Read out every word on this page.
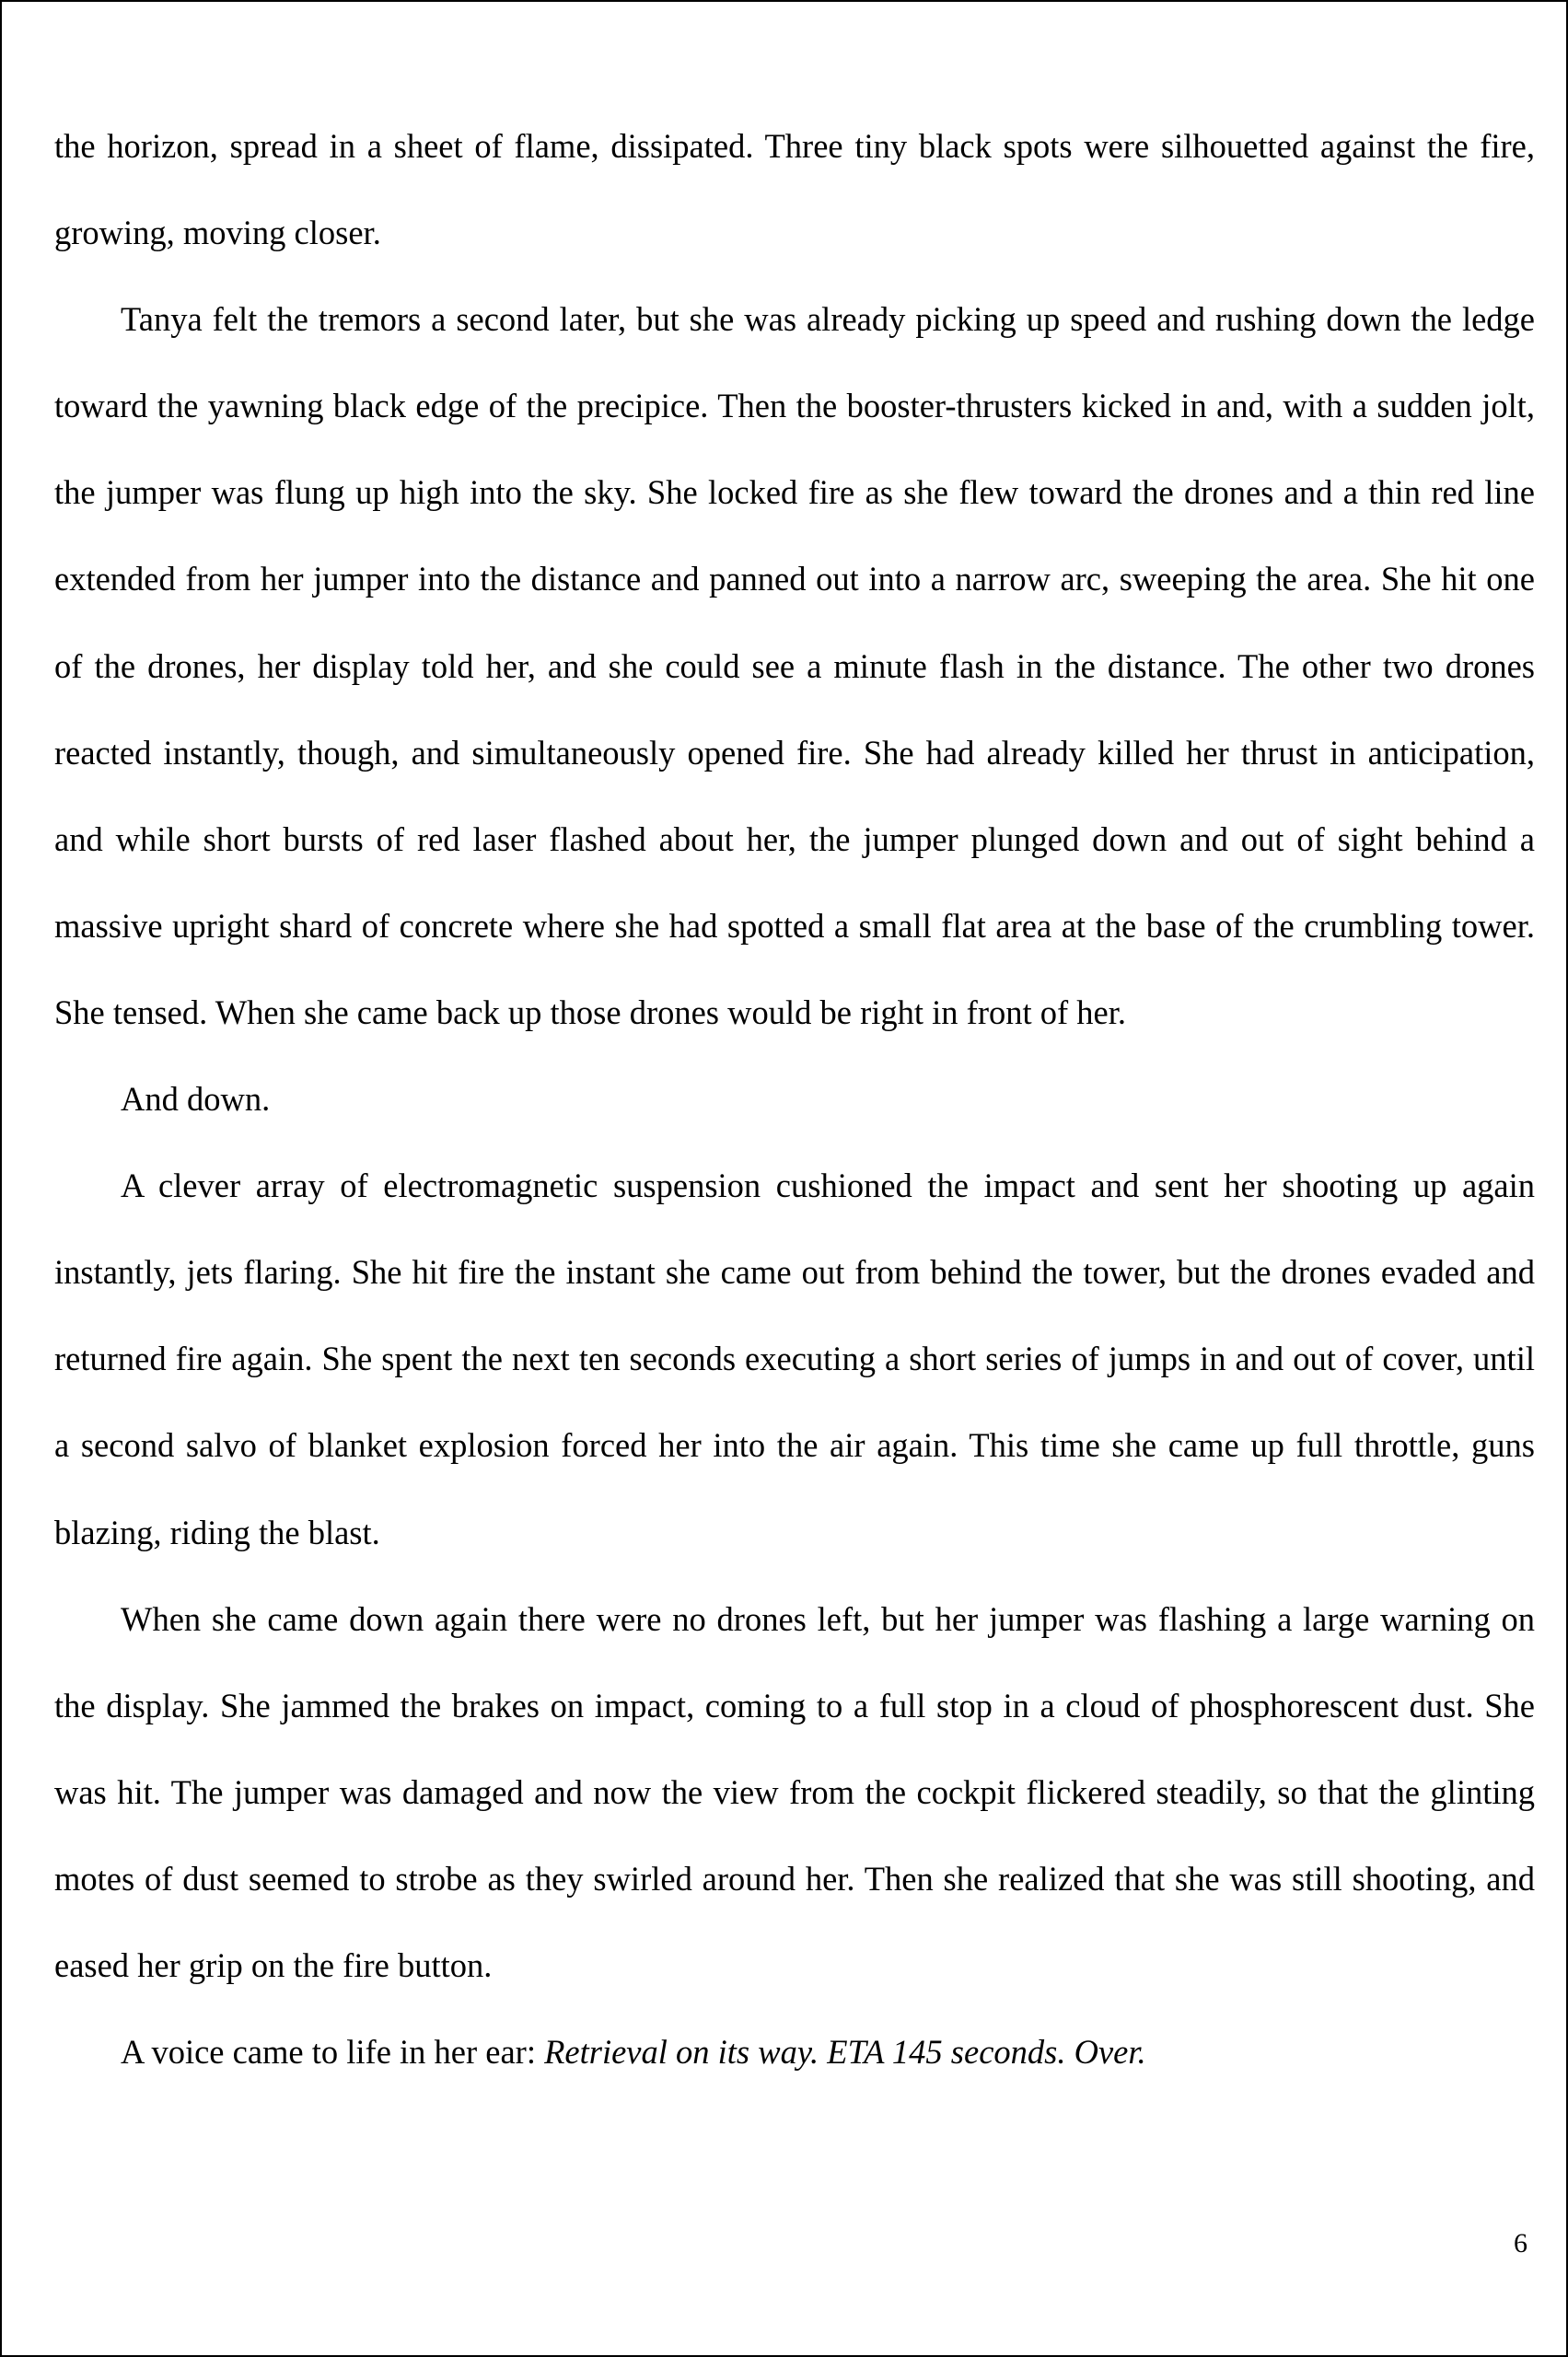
the horizon, spread in a sheet of flame, dissipated. Three tiny black spots were silhouetted against the fire, growing, moving closer.

Tanya felt the tremors a second later, but she was already picking up speed and rushing down the ledge toward the yawning black edge of the precipice. Then the booster-thrusters kicked in and, with a sudden jolt, the jumper was flung up high into the sky. She locked fire as she flew toward the drones and a thin red line extended from her jumper into the distance and panned out into a narrow arc, sweeping the area. She hit one of the drones, her display told her, and she could see a minute flash in the distance. The other two drones reacted instantly, though, and simultaneously opened fire. She had already killed her thrust in anticipation, and while short bursts of red laser flashed about her, the jumper plunged down and out of sight behind a massive upright shard of concrete where she had spotted a small flat area at the base of the crumbling tower. She tensed. When she came back up those drones would be right in front of her.

And down.

A clever array of electromagnetic suspension cushioned the impact and sent her shooting up again instantly, jets flaring. She hit fire the instant she came out from behind the tower, but the drones evaded and returned fire again. She spent the next ten seconds executing a short series of jumps in and out of cover, until a second salvo of blanket explosion forced her into the air again. This time she came up full throttle, guns blazing, riding the blast.

When she came down again there were no drones left, but her jumper was flashing a large warning on the display. She jammed the brakes on impact, coming to a full stop in a cloud of phosphorescent dust. She was hit. The jumper was damaged and now the view from the cockpit flickered steadily, so that the glinting motes of dust seemed to strobe as they swirled around her. Then she realized that she was still shooting, and eased her grip on the fire button.

A voice came to life in her ear: Retrieval on its way. ETA 145 seconds. Over.

6
